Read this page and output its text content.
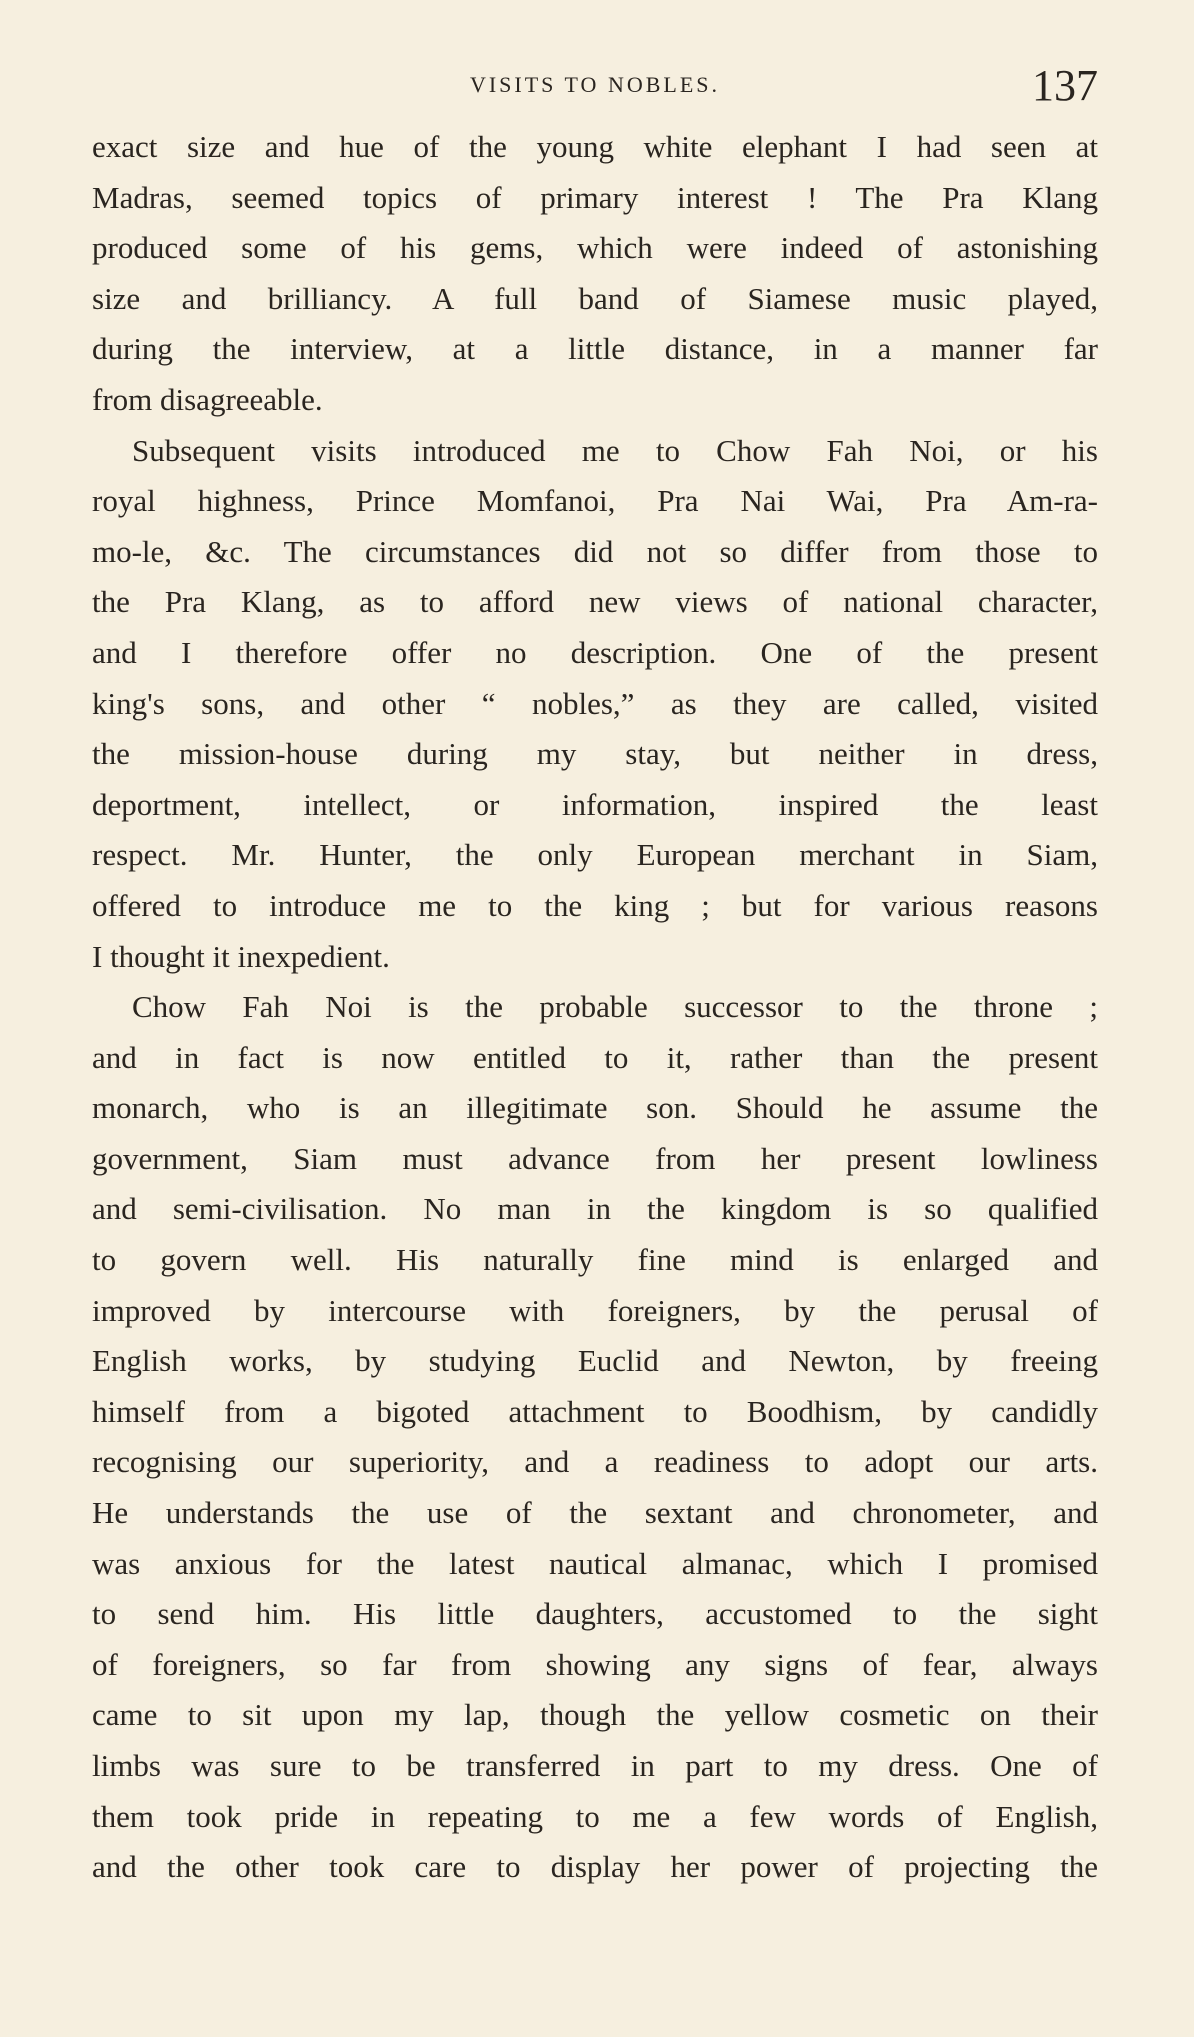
VISITS TO NOBLES.	137
exact size and hue of the young white elephant I had seen at
Madras, seemed topics of primary interest ! The Pra Klang
produced some of his gems, which were indeed of astonishing
size and brilliancy. A full band of Siamese music played,
during the interview, at a little distance, in a manner far
from disagreeable.
Subsequent visits introduced me to Chow Fah Noi, or his
royal highness, Prince Momfanoi, Pra Nai Wai, Pra Am-ra-
mo-le, &c. The circumstances did not so differ from those to
the Pra Klang, as to afford new views of national character,
and I therefore offer no description. One of the present
king's sons, and other “ nobles,” as they are called, visited
the mission-house during my stay, but neither in dress,
deportment, intellect, or information, inspired the least
respect. Mr. Hunter, the only European merchant in Siam,
offered to introduce me to the king ; but for various reasons
I thought it inexpedient.
Chow Fah Noi is the probable successor to the throne ;
and in fact is now entitled to it, rather than the present
monarch, who is an illegitimate son. Should he assume the
government, Siam must advance from her present lowliness
and semi-civilisation. No man in the kingdom is so qualified
to govern well. His naturally fine mind is enlarged and
improved by intercourse with foreigners, by the perusal of
English works, by studying Euclid and Newton, by freeing
himself from a bigoted attachment to Boodhism, by candidly
recognising our superiority, and a readiness to adopt our arts.
He understands the use of the sextant and chronometer, and
was anxious for the latest nautical almanac, which I promised
to send him. His little daughters, accustomed to the sight
of foreigners, so far from showing any signs of fear, always
came to sit upon my lap, though the yellow cosmetic on their
limbs was sure to be transferred in part to my dress. One of
them took pride in repeating to me a few words of English,
and the other took care to display her power of projecting the
